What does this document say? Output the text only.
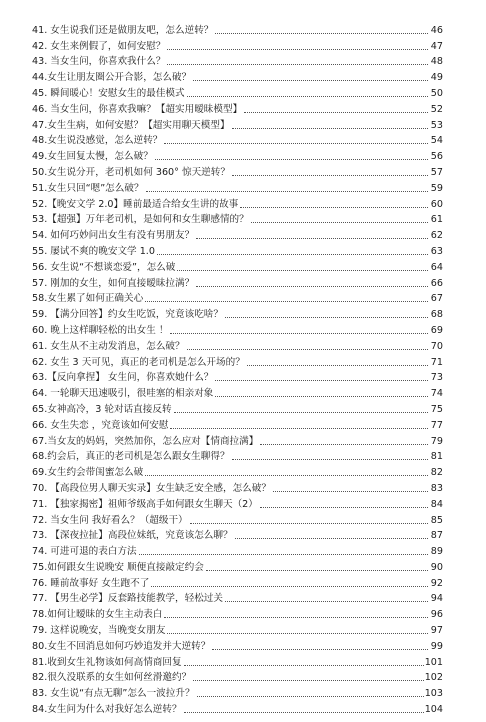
41. 女生说我们还是做朋友吧，怎么逆转？	46
42. 女生来例假了，如何安慰？	47
43. 当女生问，你喜欢我什么？	48
44.女生让朋友圈公开合影，怎么破？	49
45. 瞬间暖心！安慰女生的最佳模式	50
46. 当女生问，你喜欢我嘛？【超实用暧昧模型】	52
47.女生生病，如何安慰？【超实用聊天模型】	53
48.女生说没感觉，怎么逆转？	54
49.女生回复太慢，怎么破？	56
50.女生说分开，老司机如何 360° 惊天逆转？	57
51.女生只回“嗯”怎么破？	59
52.【晚安文学 2.0】睡前最适合给女生讲的故事	60
53.【超强】万年老司机，是如何和女生聊感情的？	61
54. 如何巧妙问出女生有没有男朋友？	62
55. 屡试不爽的晚安文学 1.0	63
56. 女生说“不想谈恋爱”，怎么破	64
57. 刚加的女生，如何直接暧昧拉满？	66
58.女生累了如何正确关心	67
59. 【满分回答】约女生吃饭，究竟该吃啥？	68
60. 晚上这样聊轻松的出女生 ！	69
61. 女生从不主动发消息，怎么破？	70
62. 女生 3 天可见，真正的老司机是怎么开场的？	71
63.【反向拿捏】 女生问，你喜欢她什么？	73
64. 一轮聊天迅速吸引，很哇塞的相亲对象	74
65.女神高冷，3 轮对话直接反转	75
66. 女生失恋 ，究竟该如何安慰	77
67.当女友的妈妈，突然加你，怎么应对【情商拉满】	79
68.约会后，真正的老司机是怎么跟女生聊得？	81
69.女生约会带闺蜜怎么破	82
70. 【高段位男人聊天实录】女生缺乏安全感，怎么破？	83
71. 【独家揭密】祖师爷级高手如何跟女生聊天（2）	84
72. 当女生问 我好看么？（超级干）	85
73. 【深夜拉扯】高段位妹纸，究竟该怎么聊？	87
74. 可进可退的表白方法	89
75.如何跟女生说晚安 顺便直接敲定约会	90
76. 睡前故事好 女生跑不了	92
77. 【男生必学】反套路技能教学，轻松过关	94
78.如何让暧昧的女生主动表白	96
79. 这样说晚安，当晚变女朋友	97
80.女生不回消息如何巧妙追发并大逆转？	99
81.收到女生礼物该如何高情商回复	101
82.很久没联系的女生如何丝滑邀约？	102
83. 女生说“有点无聊”怎么一波拉升？	103
84.女生问为什么对我好怎么逆转？	104
